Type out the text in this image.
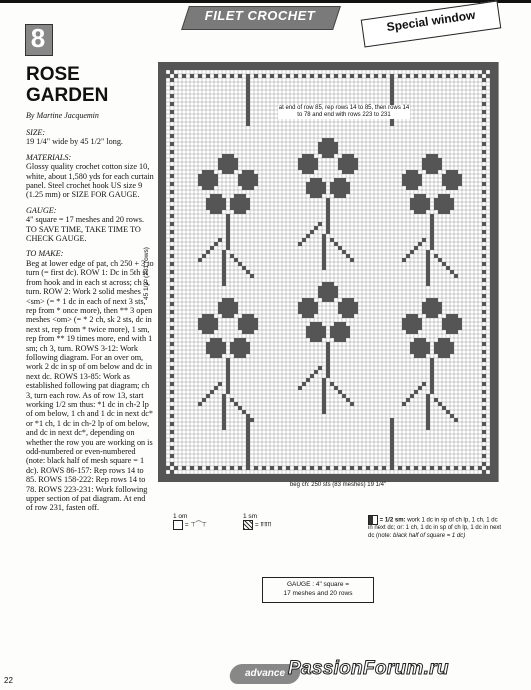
FILET CROCHET	Special window
8
ROSE
GARDEN
By Martine Jacquemin

SIZE:

19 1/4" wide by 45 1/2" long.

MATERIALS:

Glossy quality crochet cotton size 10, white, about 1,580 yds for each curtain panel. Steel crochet hook US size 9 (1.25 mm) or SIZE FOR GAUGE.

GAUGE:

4" square = 17 meshes and 20 rows. TO SAVE TIME, TAKE TIME TO CHECK GAUGE.

TO MAKE:

Beg at lower edge of pat, ch 250 + 3 to turn (= first dc). ROW 1: Dc in 5th st from hook and in each st across; ch 3, turn. ROW 2: Work 2 solid meshes <sm> (= * 1 dc in each of next 3 sts, rep from * once more), then ** 3 open meshes <om> (= * 2 ch, sk 2 sts, dc in next st, rep from * twice more), 1 sm, rep from ** 19 times more, end with 1 sm; ch 3, turn. ROWS 3-12: Work following diagram. For an over om, work 2 dc in sp of om below and dc in next dc. ROWS 13-85: Work as established following pat diagram; ch 3, turn each row. As of row 13, start working 1/2 sm thus: *1 dc in ch-2 lp of om below, 1 ch and 1 dc in next dc* or *1 ch, 1 dc in ch-2 lp of om below, and dc in next dc*, depending on whether the row you are working on is odd-numbered or even-numbered (note: black half of mesh square = 1 dc). ROWS 86-157: Rep rows 14 to 85. ROWS 158-222: Rep rows 14 to 78. ROWS 223-231: Work following upper section of pat diagram. At end of row 231, fasten off.

45 1/2" (231 rows)
at end of row 85, rep rows 14 to 85, then rows 14 to 78 and end with rows 223 to 231
beg ch: 250 sts (83 meshes) 19 1/4"
1 om
= ⊤⁀⊤
1 sm
= ⫪⫪⫪
= 1/2 sm: work 1 dc in sp of ch lp, 1 ch, 1 dc in next dc; or: 1 ch, 1 dc in sp of ch lp, 1 dc in next dc (note: black half of square = 1 dc)
GAUGE : 4" square =
17 meshes and 20 rows
22
advance PassionForum.ru
